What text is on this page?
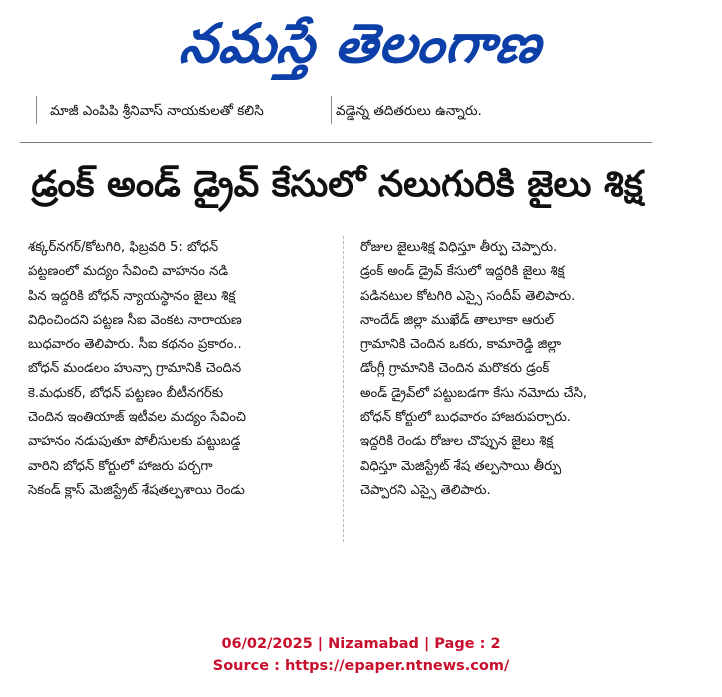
నమస్తే తెలంగాణ
మాజీ ఎంపిపి శ్రీనివాస్ నాయకులతో కలిసి	వడ్డెన్న తదితరులు ఉన్నారు.
డ్రంక్ అండ్ డ్రైవ్ కేసులో నలుగురికి జైలు శిక్ష
శక్కర్‌నగర్/కోటగిరి, ఫిబ్రవరి 5: బోధన్
పట్టణంలో మద్యం సేవించి వాహనం నడి
పిన ఇద్దరికి బోధన్ న్యాయస్థానం జైలు శిక్ష
విధించిందని పట్టణ సీఐ వెంకట నారాయణ
బుధవారం తెలిపారు. సీఐ కథనం ప్రకారం..
బోధన్ మండలం హున్సా గ్రామానికి చెందిన
కె.మధుకర్, బోధన్ పట్టణం బీటీనగర్‌కు
చెందిన ఇంతియాజ్ ఇటీవల మద్యం సేవించి
వాహనం నడుపుతూ పోలీసులకు పట్టుబడ్డ
వారిని బోధన్ కోర్టులో హాజరు పర్చగా
సెకండ్ క్లాస్ మెజిస్ట్రేట్ శేషతల్పశాయి రెండు
రోజుల జైలుశిక్ష విధిస్తూ తీర్పు చెప్పారు.
డ్రంక్ అండ్ డ్రైవ్ కేసులో ఇద్దరికి జైలు శిక్ష
పడినటుల కోటగిరి ఎస్సై సందీప్ తెలిపారు.
నాందేడ్ జిల్లా ముఖేడ్ తాలూకా ఆరుల్
గ్రామానికి చెందిన ఒకరు, కామారెడ్డి జిల్లా
డోంగ్లీ గ్రామానికి చెందిన మరొకరు డ్రంక్
అండ్ డ్రైవ్‌లో పట్టుబడగా కేసు నమోదు చేసి,
బోధన్ కోర్టులో బుధవారం హాజరుపర్చారు.
ఇద్దరికి రెండు రోజుల చొప్పున జైలు శిక్ష
విధిస్తూ మెజిస్ట్రేట్ శేష తల్పసాయి తీర్పు
చెప్పారని ఎస్సై తెలిపారు.
06/02/2025 | Nizamabad | Page : 2
Source : https://epaper.ntnews.com/
